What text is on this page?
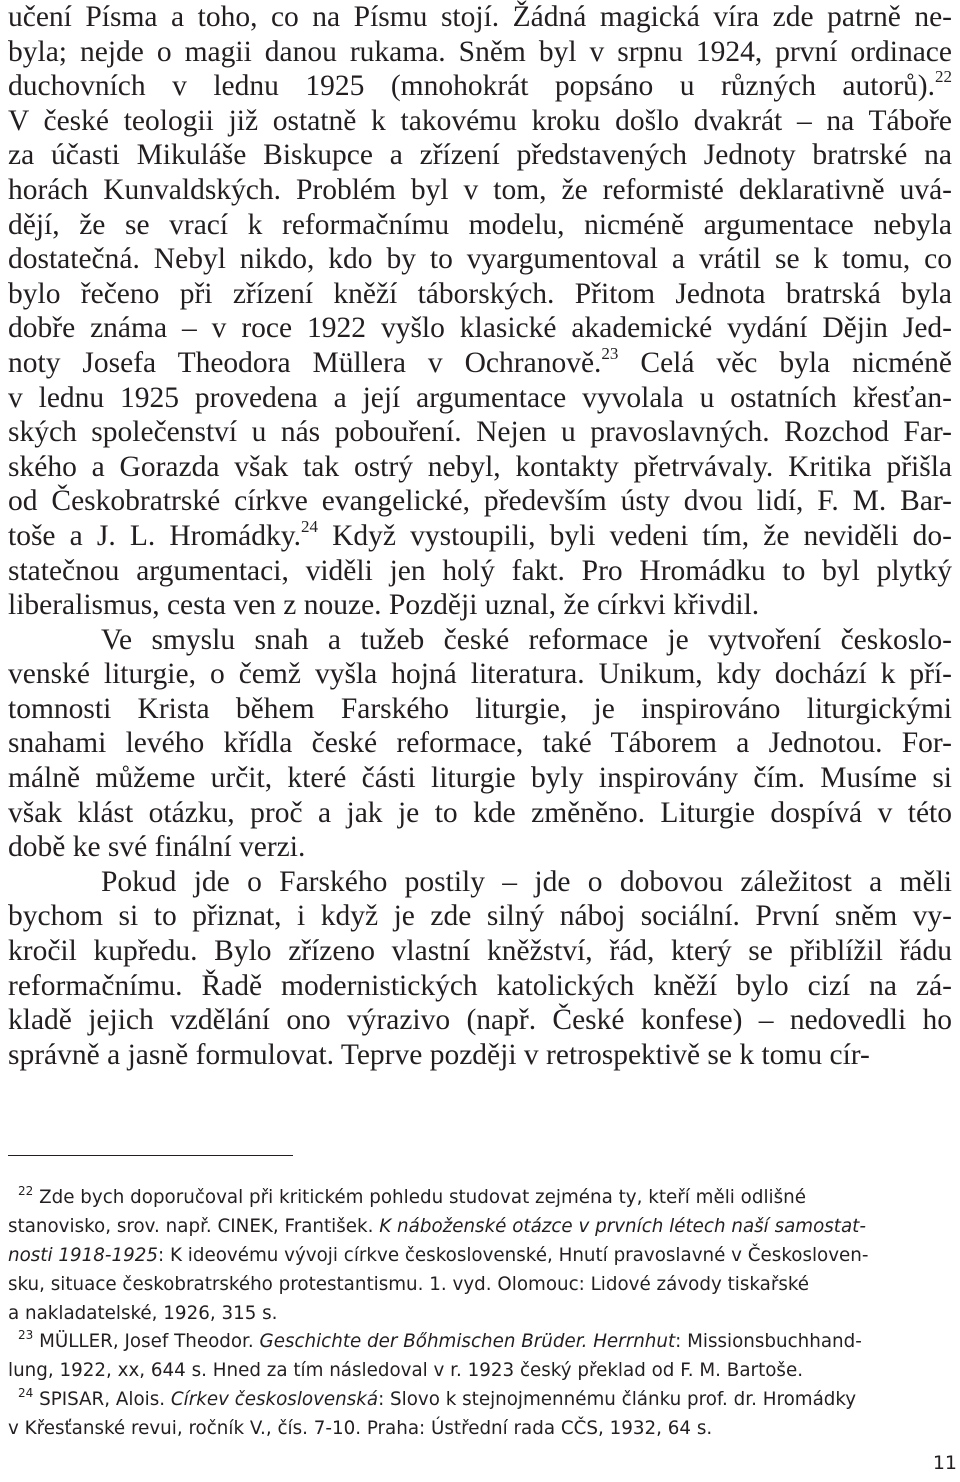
učení Písma a toho, co na Písmu stojí. Žádná magická víra zde patrně ne-
byla; nejde o magii danou rukama. Sněm byl v srpnu 1924, první ordinace
duchovních v lednu 1925 (mnohokrát popsáno u různých autorů).$^{22}$
V české teologii již ostatně k takovému kroku došlo dvakrát – na Táboře
za účasti Mikuláše Biskupce a zřízení představených Jednoty bratrské na
horách Kunvaldských. Problém byl v tom, že reformisté deklarativně uvá-
dějí, že se vrací k reformačnímu modelu, nicméně argumentace nebyla
dostatečná. Nebyl nikdo, kdo by to vyargumentoval a vrátil se k tomu, co
bylo řečeno při zřízení kněží táborských. Přitom Jednota bratrská byla
dobře známa – v roce 1922 vyšlo klasické akademické vydání Dějin Jed-
noty Josefa Theodora Müllera v Ochranově.$^{23}$ Celá věc byla nicméně
v lednu 1925 provedena a její argumentace vyvolala u ostatních křesťan-
ských společenství u nás pobouření. Nejen u pravoslavných. Rozchod Far-
ského a Gorazda však tak ostrý nebyl, kontakty přetrvávaly. Kritika přišla
od Českobratrské církve evangelické, především ústy dvou lidí, F. M. Bar-
toše a J. L. Hromádky.$^{24}$ Když vystoupili, byli vedeni tím, že neviděli do-
statečnou argumentaci, viděli jen holý fakt. Pro Hromádku to byl plytký
liberalismus, cesta ven z nouze. Později uznal, že církvi křivdil.
Ve smyslu snah a tužeb české reformace je vytvoření českoslo-
venské liturgie, o čemž vyšla hojná literatura. Unikum, kdy dochází k pří-
tomnosti Krista během Farského liturgie, je inspirováno liturgickými
snahami levého křídla české reformace, také Táborem a Jednotou. For-
málně můžeme určit, které části liturgie byly inspirovány čím. Musíme si
však klást otázku, proč a jak je to kde změněno. Liturgie dospívá v této
době ke své finální verzi.
Pokud jde o Farského postily – jde o dobovou záležitost a měli
bychom si to přiznat, i když je zde silný náboj sociální. První sněm vy-
kročil kupředu. Bylo zřízeno vlastní kněžství, řád, který se přiblížil řádu
reformačnímu. Řadě modernistických katolických kněží bylo cizí na zá-
kladě jejich vzdělání ono výrazivo (např. České konfese) – nedovedli ho
správně a jasně formulovat. Teprve později v retrospektivě se k tomu cír-
$^{22}$ Zde bych doporučoval při kritickém pohledu studovat zejména ty, kteří měli odlišné
stanovisko, srov. např. CINEK, František. K náboženské otázce v prvních létech naší samostat-
nosti 1918-1925: K ideovému vývoji církve československé, Hnutí pravoslavné v Českosloven-
sku, situace českobratrského protestantismu. 1. vyd. Olomouc: Lidové závody tiskařské
a nakladatelské, 1926, 315 s.
$^{23}$ MÜLLER, Josef Theodor. Geschichte der Bőhmischen Brüder. Herrnhut: Missionsbuchhand-
lung, 1922, xx, 644 s. Hned za tím následoval v r. 1923 český překlad od F. M. Bartoše.
$^{24}$ SPISAR, Alois. Církev československá: Slovo k stejnojmennému článku prof. dr. Hromádky
v Křesťanské revui, ročník V., čís. 7-10. Praha: Ústřední rada CČS, 1932, 64 s.
11
